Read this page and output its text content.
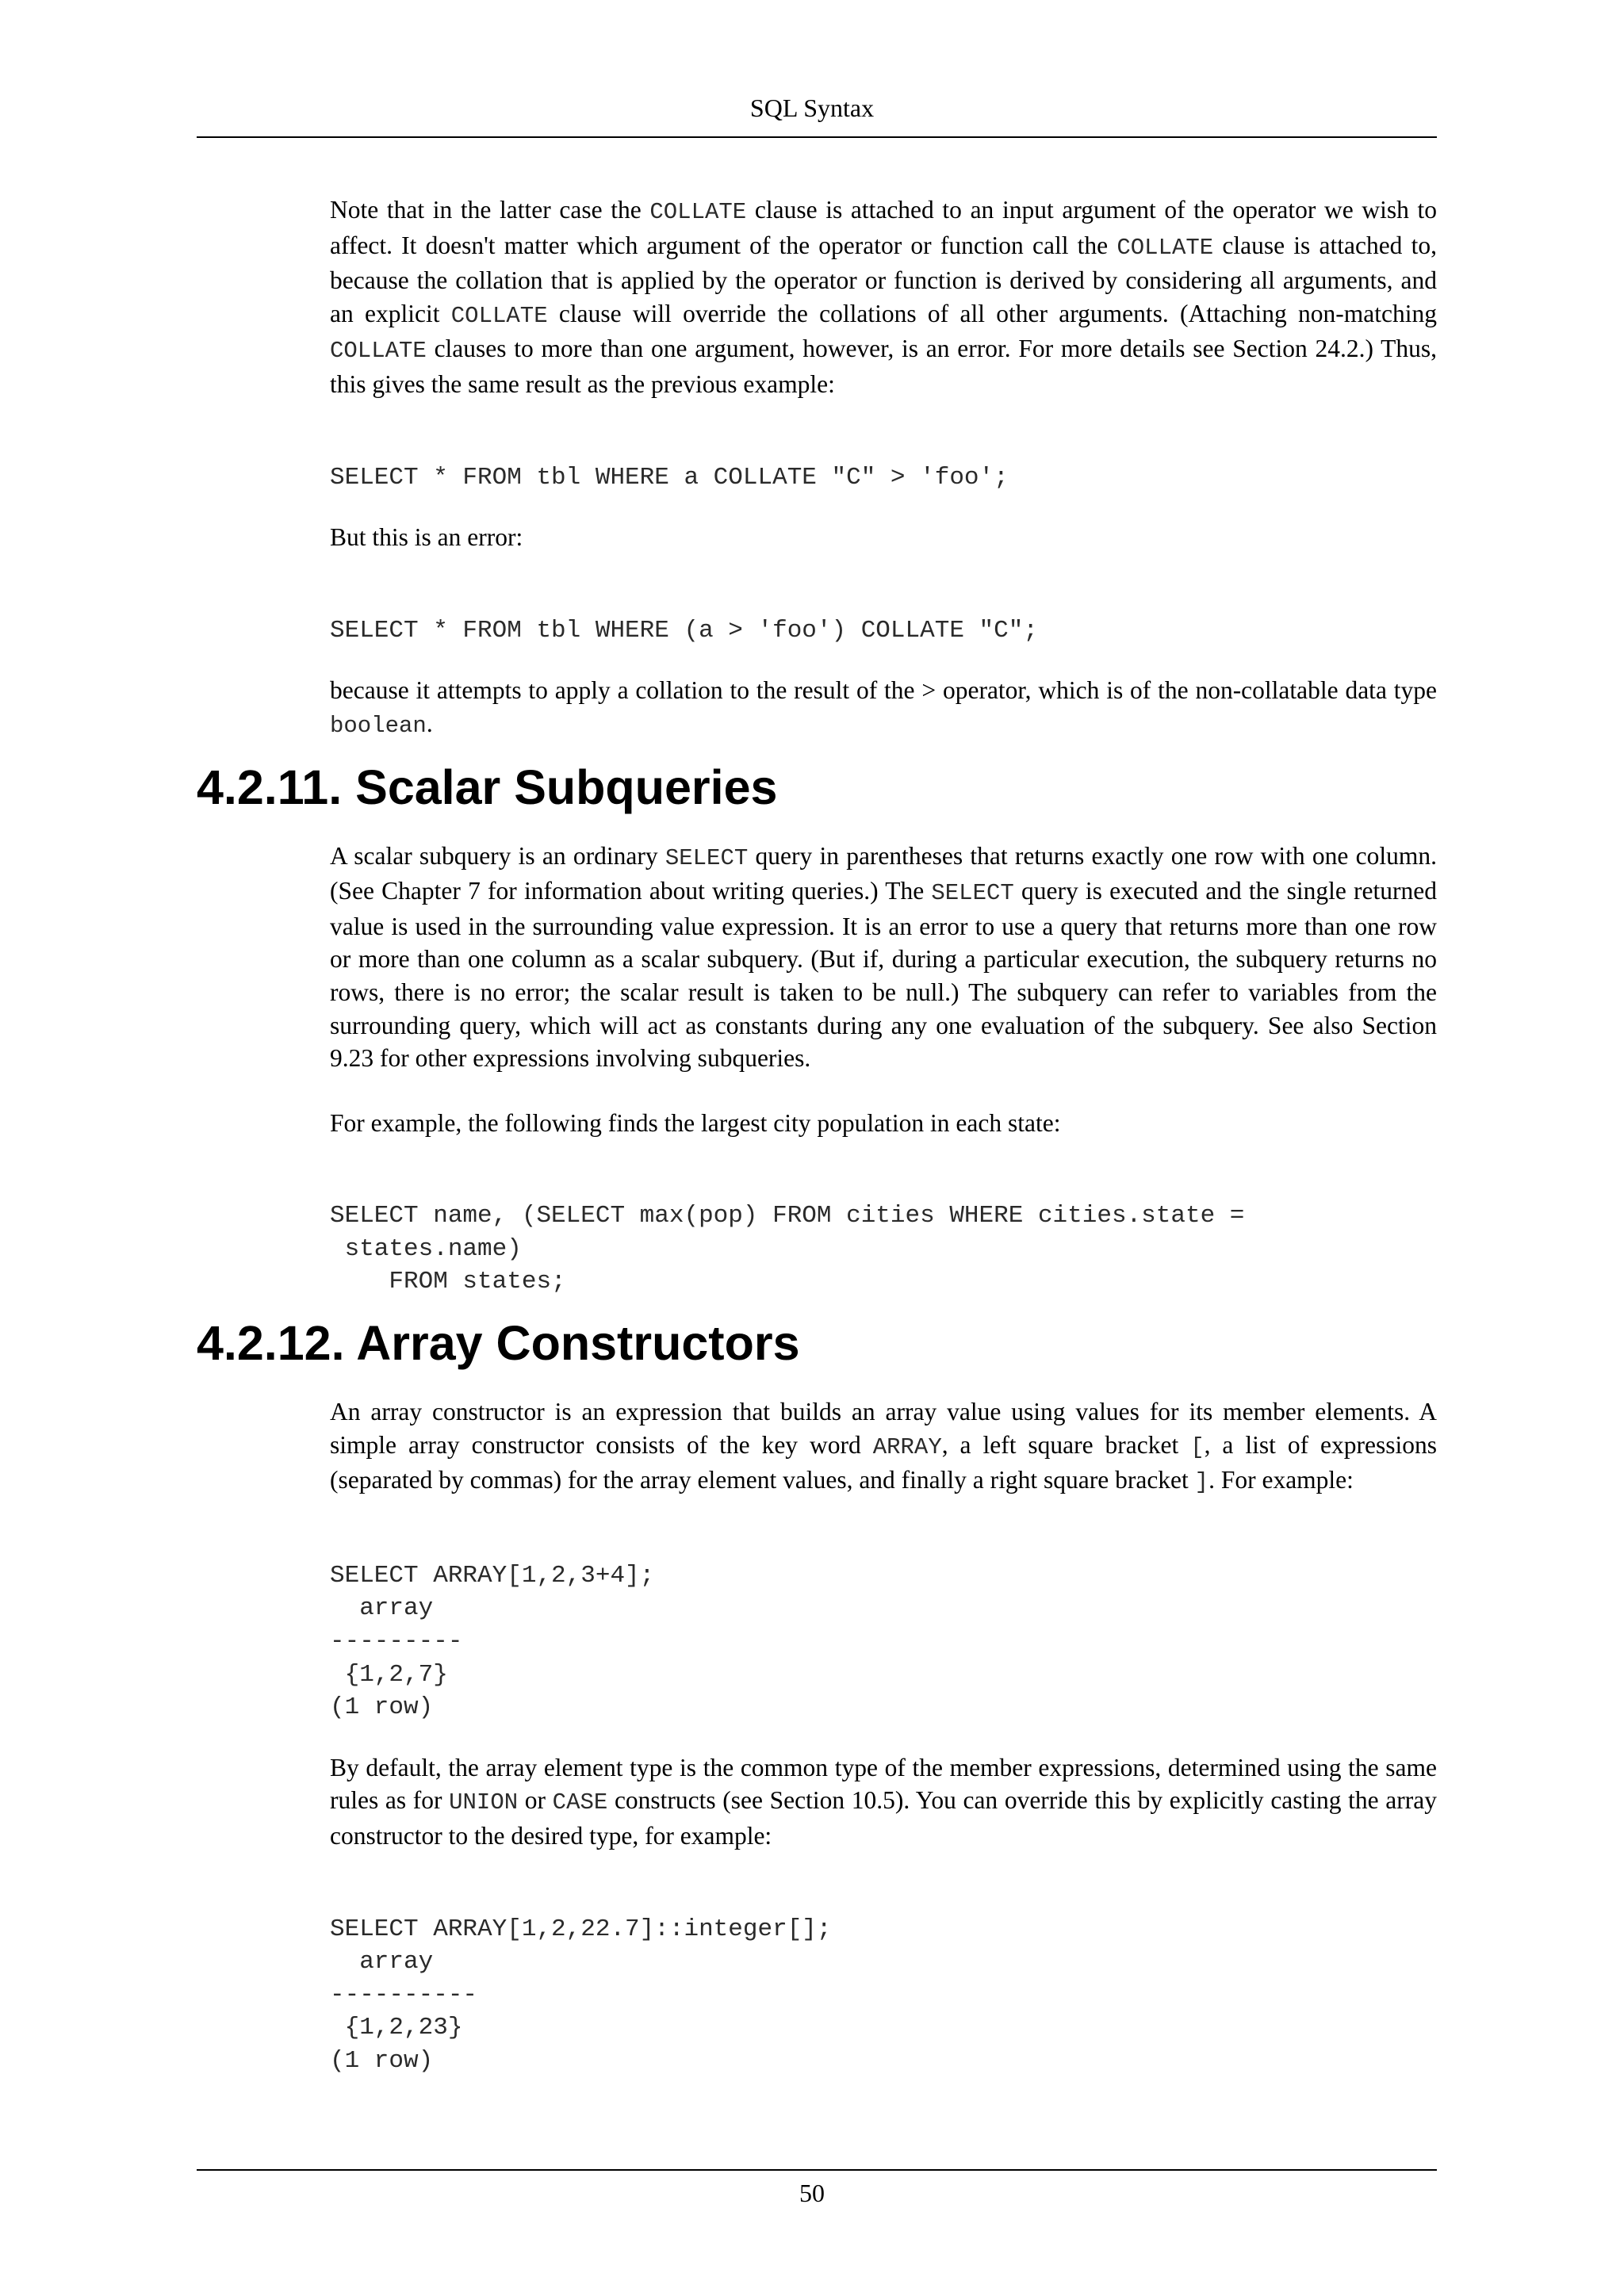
SQL Syntax

Note that in the latter case the COLLATE clause is attached to an input argument of the operator we wish to affect. It doesn't matter which argument of the operator or function call the COLLATE clause is attached to, because the collation that is applied by the operator or function is derived by considering all arguments, and an explicit COLLATE clause will override the collations of all other arguments. (Attaching non-matching COLLATE clauses to more than one argument, however, is an error. For more details see Section 24.2.) Thus, this gives the same result as the previous example:

SELECT * FROM tbl WHERE a COLLATE "C" > 'foo';

But this is an error:

SELECT * FROM tbl WHERE (a > 'foo') COLLATE "C";

because it attempts to apply a collation to the result of the > operator, which is of the non-collatable data type boolean.

4.2.11. Scalar Subqueries

A scalar subquery is an ordinary SELECT query in parentheses that returns exactly one row with one column. (See Chapter 7 for information about writing queries.) The SELECT query is executed and the single returned value is used in the surrounding value expression. It is an error to use a query that returns more than one row or more than one column as a scalar subquery. (But if, during a particular execution, the subquery returns no rows, there is no error; the scalar result is taken to be null.) The subquery can refer to variables from the surrounding query, which will act as constants during any one evaluation of the subquery. See also Section 9.23 for other expressions involving subqueries.

For example, the following finds the largest city population in each state:

SELECT name, (SELECT max(pop) FROM cities WHERE cities.state =
states.name)
FROM states;
4.2.12. Array Constructors

An array constructor is an expression that builds an array value using values for its member elements. A simple array constructor consists of the key word ARRAY, a left square bracket [, a list of expressions (separated by commas) for the array element values, and finally a right square bracket ]. For example:

SELECT ARRAY[1,2,3+4];
array
---------
{1,2,7}
(1 row)

By default, the array element type is the common type of the member expressions, determined using the same rules as for UNION or CASE constructs (see Section 10.5). You can override this by explicitly casting the array constructor to the desired type, for example:

SELECT ARRAY[1,2,22.7]::integer[];
array
----------
{1,2,23}
(1 row)
50
